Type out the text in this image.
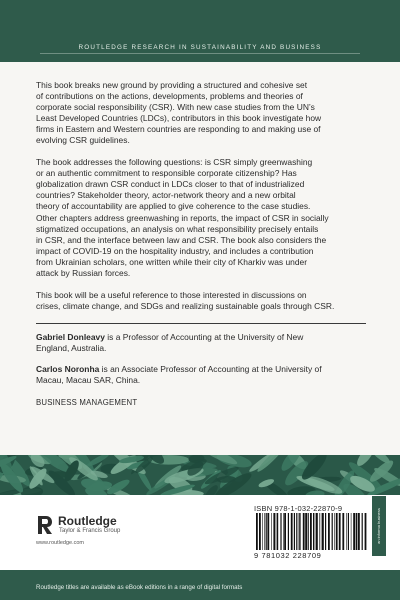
ROUTLEDGE RESEARCH IN SUSTAINABILITY AND BUSINESS
This book breaks new ground by providing a structured and cohesive set
of contributions on the actions, developments, problems and theories of
corporate social responsibility (CSR). With new case studies from the UN’s
Least Developed Countries (LDCs), contributors in this book investigate how
firms in Eastern and Western countries are responding to and making use of
evolving CSR guidelines.
The book addresses the following questions: is CSR simply greenwashing
or an authentic commitment to responsible corporate citizenship? Has
globalization drawn CSR conduct in LDCs closer to that of industrialized
countries? Stakeholder theory, actor-network theory and a new orbital
theory of accountability are applied to give coherence to the case studies.
Other chapters address greenwashing in reports, the impact of CSR in socially
stigmatized occupations, an analysis on what responsibility precisely entails
in CSR, and the interface between law and CSR. The book also considers the
impact of COVID-19 on the hospitality industry, and includes a contribution
from Ukrainian scholars, one written while their city of Kharkiv was under
attack by Russian forces.
This book will be a useful reference to those interested in discussions on
crises, climate change, and SDGs and realizing sustainable goals through CSR.
Gabriel Donleavy is a Professor of Accounting at the University of New
England, Australia.
Carlos Noronha is an Associate Professor of Accounting at the University of
Macau, Macau SAR, China.
BUSINESS MANAGEMENT
Routledge
Taylor & Francis Group
www.routledge.com
ISBN 978-1-032-22870-9
9 781032 228709
an informa business
Routledge titles are available as eBook editions in a range of digital formats
